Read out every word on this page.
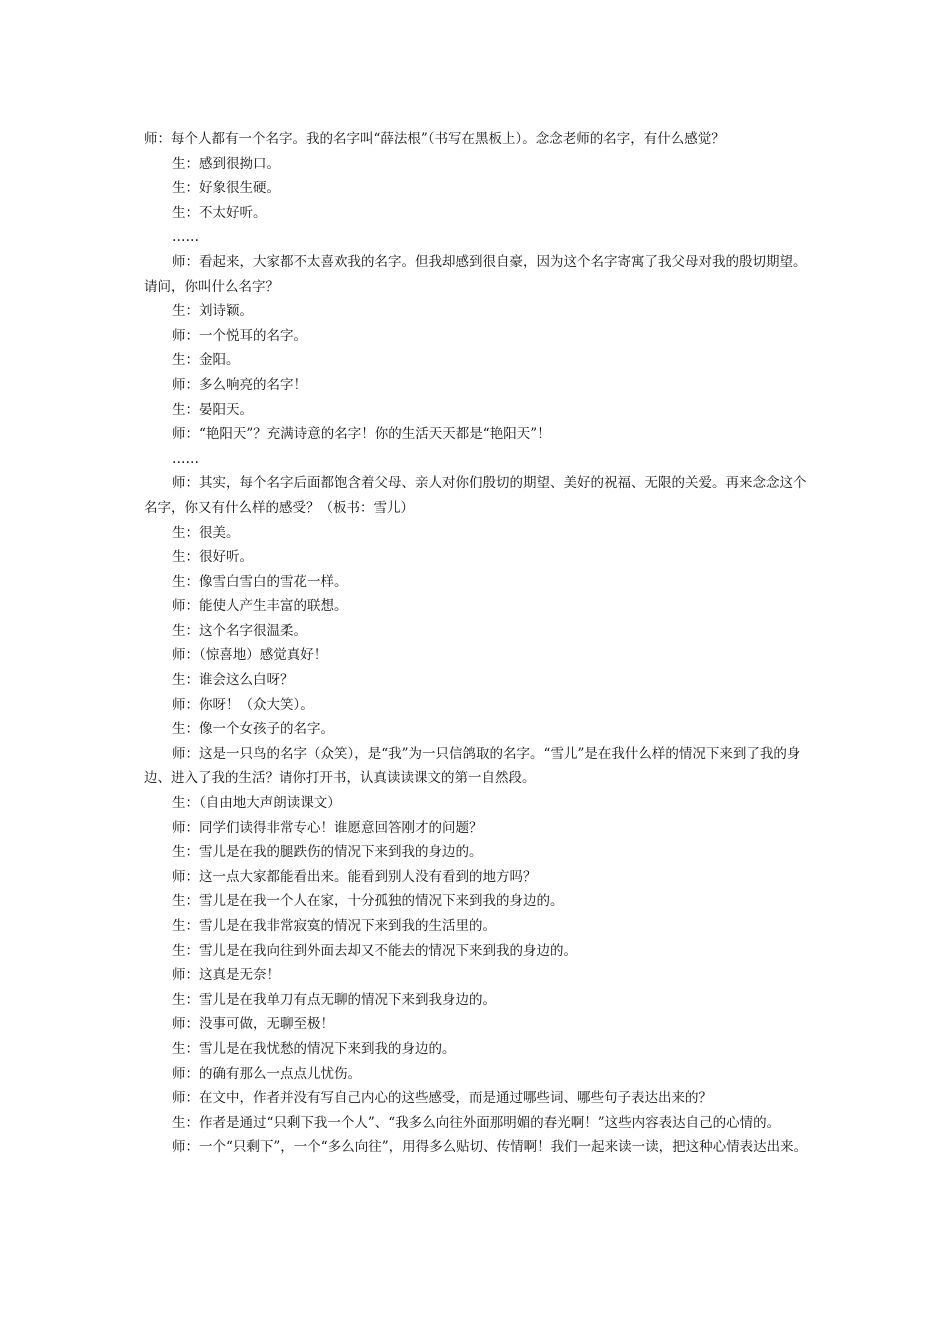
师：每个人都有一个名字。我的名字叫“薛法根”（书写在黑板上）。念念老师的名字，有什么感觉？

生：感到很拗口。

生：好象很生硬。

生：不太好听。

……

师：看起来，大家都不太喜欢我的名字。但我却感到很自豪，因为这个名字寄寓了我父母对我的殷切期望。请问，你叫什么名字？

生：刘诗颖。

师：一个悦耳的名字。

生：金阳。

师：多么响亮的名字！

生：晏阳天。

师：“艳阳天”？充满诗意的名字！你的生活天天都是“艳阳天”！

……

师：其实，每个名字后面都饱含着父母、亲人对你们殷切的期望、美好的祝福、无限的关爱。再来念念这个名字，你又有什么样的感受？（板书：雪儿）

生：很美。

生：很好听。

生：像雪白雪白的雪花一样。

师：能使人产生丰富的联想。

生：这个名字很温柔。

师：（惊喜地）感觉真好！

生：谁会这么白呀？

师：你呀！（众大笑）。

生：像一个女孩子的名字。

师：这是一只鸟的名字（众笑），是“我”为一只信鸽取的名字。“雪儿”是在我什么样的情况下来到了我的身边、进入了我的生活？请你打开书，认真读读课文的第一自然段。

生：（自由地大声朗读课文）

师：同学们读得非常专心！谁愿意回答刚才的问题？

生：雪儿是在我的腿跌伤的情况下来到我的身边的。

师：这一点大家都能看出来。能看到别人没有看到的地方吗？

生：雪儿是在我一个人在家，十分孤独的情况下来到我的身边的。

生：雪儿是在我非常寂寞的情况下来到我的生活里的。

生：雪儿是在我向往到外面去却又不能去的情况下来到我的身边的。

师：这真是无奈！

生：雪儿是在我单刀有点无聊的情况下来到我身边的。

师：没事可做，无聊至极！

生：雪儿是在我忧愁的情况下来到我的身边的。

师：的确有那么一点点儿忧伤。

师：在文中，作者并没有写自己内心的这些感受，而是通过哪些词、哪些句子表达出来的？

生：作者是通过“只剩下我一个人”、“我多么向往外面那明媚的春光啊！”这些内容表达自己的心情的。

师：一个“只剩下”，一个“多么向往”，用得多么贴切、传情啊！我们一起来读一读，把这种心情表达出来。
